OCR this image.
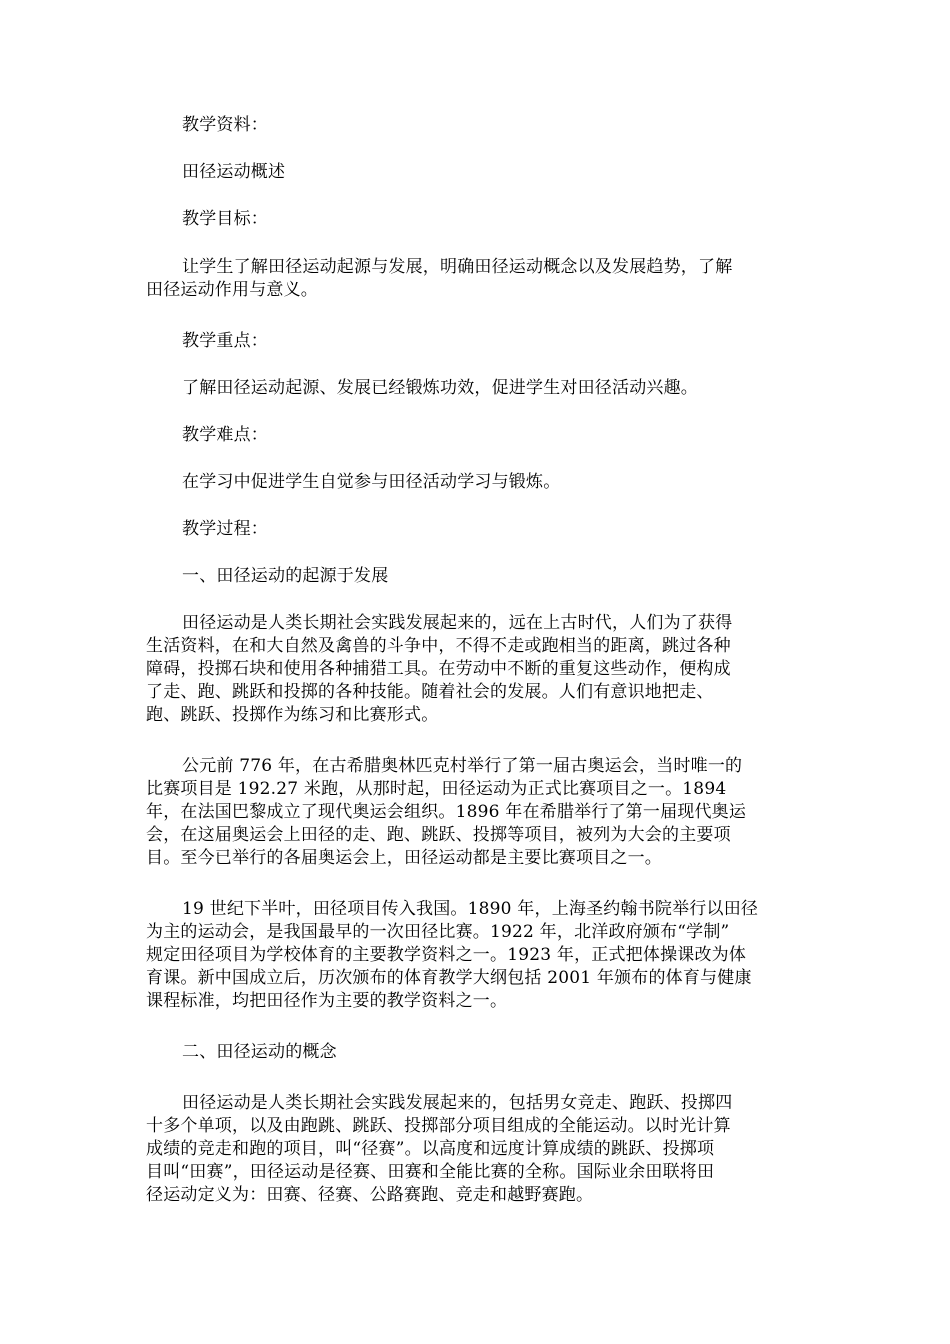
教学资料：
田径运动概述
教学目标：
让学生了解田径运动起源与发展，明确田径运动概念以及发展趋势，了解
田径运动作用与意义。
教学重点：
了解田径运动起源、发展已经锻炼功效，促进学生对田径活动兴趣。
教学难点：
在学习中促进学生自觉参与田径活动学习与锻炼。
教学过程：
一、田径运动的起源于发展
田径运动是人类长期社会实践发展起来的，远在上古时代，人们为了获得
生活资料，在和大自然及禽兽的斗争中，不得不走或跑相当的距离，跳过各种
障碍，投掷石块和使用各种捕猎工具。在劳动中不断的重复这些动作，便构成
了走、跑、跳跃和投掷的各种技能。随着社会的发展。人们有意识地把走、
跑、跳跃、投掷作为练习和比赛形式。
公元前 776 年，在古希腊奥林匹克村举行了第一届古奥运会，当时唯一的
比赛项目是 192.27 米跑，从那时起，田径运动为正式比赛项目之一。1894
年，在法国巴黎成立了现代奥运会组织。1896 年在希腊举行了第一届现代奥运
会，在这届奥运会上田径的走、跑、跳跃、投掷等项目，被列为大会的主要项
目。至今已举行的各届奥运会上，田径运动都是主要比赛项目之一。
19 世纪下半叶，田径项目传入我国。1890 年，上海圣约翰书院举行以田径
为主的运动会，是我国最早的一次田径比赛。1922 年，北洋政府颁布“学制”
规定田径项目为学校体育的主要教学资料之一。1923 年，正式把体操课改为体
育课。新中国成立后，历次颁布的体育教学大纲包括 2001 年颁布的体育与健康
课程标准，均把田径作为主要的教学资料之一。
二、田径运动的概念
田径运动是人类长期社会实践发展起来的，包括男女竞走、跑跃、投掷四
十多个单项，以及由跑跳、跳跃、投掷部分项目组成的全能运动。以时光计算
成绩的竞走和跑的项目，叫“径赛”。以高度和远度计算成绩的跳跃、投掷项
目叫“田赛”，田径运动是径赛、田赛和全能比赛的全称。国际业余田联将田
径运动定义为：田赛、径赛、公路赛跑、竞走和越野赛跑。
